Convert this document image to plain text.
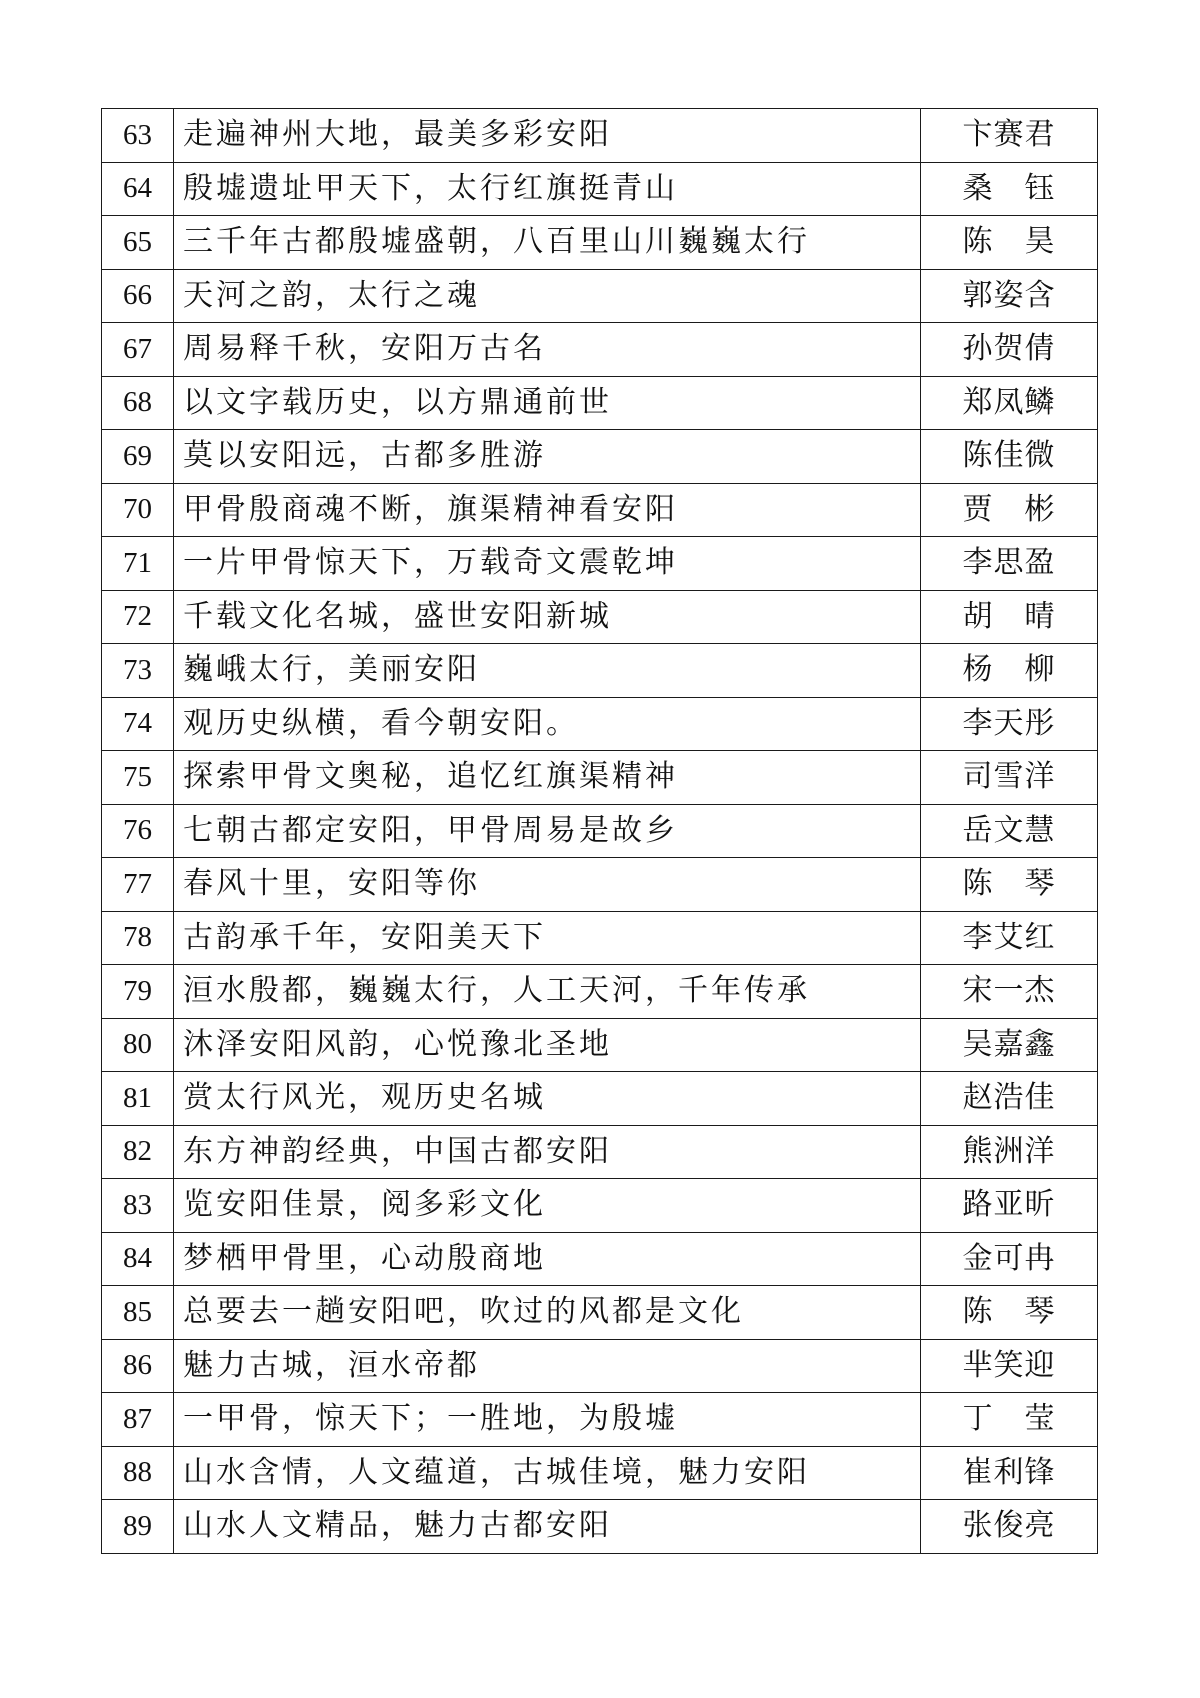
63	走遍神州大地，最美多彩安阳	卞赛君
64	殷墟遗址甲天下，太行红旗挺青山	桑　钰
65	三千年古都殷墟盛朝，八百里山川巍巍太行	陈　昊
66	天河之韵，太行之魂	郭姿含
67	周易释千秋，安阳万古名	孙贺倩
68	以文字载历史，以方鼎通前世	郑凤鳞
69	莫以安阳远，古都多胜游	陈佳微
70	甲骨殷商魂不断，旗渠精神看安阳	贾　彬
71	一片甲骨惊天下，万载奇文震乾坤	李思盈
72	千载文化名城，盛世安阳新城	胡　晴
73	巍峨太行，美丽安阳	杨　柳
74	观历史纵横，看今朝安阳。	李天彤
75	探索甲骨文奥秘，追忆红旗渠精神	司雪洋
76	七朝古都定安阳，甲骨周易是故乡	岳文慧
77	春风十里，安阳等你	陈　琴
78	古韵承千年，安阳美天下	李艾红
79	洹水殷都，巍巍太行，人工天河，千年传承	宋一杰
80	沐泽安阳风韵，心悦豫北圣地	吴嘉鑫
81	赏太行风光，观历史名城	赵浩佳
82	东方神韵经典，中国古都安阳	熊洲洋
83	览安阳佳景，阅多彩文化	路亚昕
84	梦栖甲骨里，心动殷商地	金可冉
85	总要去一趟安阳吧，吹过的风都是文化	陈　琴
86	魅力古城，洹水帝都	芈笑迎
87	一甲骨，惊天下；一胜地，为殷墟	丁　莹
88	山水含情，人文蕴道，古城佳境，魅力安阳	崔利锋
89	山水人文精品，魅力古都安阳	张俊亮
